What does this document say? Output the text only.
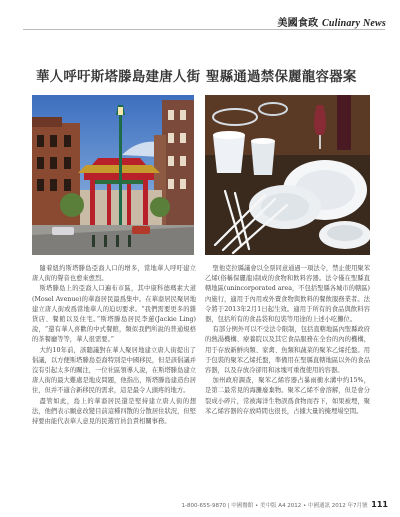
美國食政 Culinary News
華人呼吁斯塔滕島建唐人街 聖縣通過禁保麗龍容器案

隨着紐約斯塔滕島亞裔人口的增多，當地華人呼吁建立唐人街的聲音也愈來愈烈。

斯塔滕島上的亞裔人口遍布市區，其中康科德瑪素大道(Mosel Avenue)的華裔居民最爲集中。在華裔居民聚居地建立唐人街或爲當地華人的迫切要求。“我們需要更多的雜貨店、餐館以及住宅。”斯塔滕島居民李蓮(Jackie Ling)說，“還有華人喜歡的中式餐館，類似我們所說的普通規格的茶餐廳等等，華人很需要。”

大約10年前，該聽議對在華人聚居地建立唐人街提出了倡議，以方便斯塔滕島亞裔特別是中國移民，但是該倡議并沒有引起太多的關注，一位社區領導人說，在斯塔滕島建立唐人街的最大難處是地皮問題，他指出，斯塔滕島建造台居住，但并不適合新移民的需求，這是最令人頭疼的地方。

盡管如此，島上的華裔居民還是堅持建立唐人街的想法，他們表示願意改變目前這種四散的分散居住狀況，但堅持要由能代表華人意見的民選官員負責相關事務。

聖他克拉縣議會以全票同意通過一項法令，禁止使用聚苯乙烯(俗稱保麗龍)制成的食物和飲料容器。法令僅在聖縣直轄地區(unincorporated area，不包括聖縣各城市的轄區)內施行，適用于內用或外賣食物與飲料的餐飲服務業者。法令將于2013年2月1日起生效。適用于所有的食品與飲料容器，包括所有的食品袋和包裝等用途的上述小吃攤位。

有部分例外可以不受法令限制，包括直轄地區內聖縣政府的熱湯機構、療養院以及其它食品服務在全台的內的機構，用于存放新鮮肉類、家禽、魚類和蔬菜的聚苯乙烯托盤。用于包裝的聚苯乙烯托盤，準備用在聖縣直轄地區以外的食品容器，以及存放冷卻用和冰塊可重復使用的容器。

加州政府調查，聚苯乙烯容器占暴雨衝水溝中約15%，是第二最常見的海灘廢棄物。聚苯乙烯不會溶解，但是會分裂成小碎片，常被海洋生物誤爲食物而吞下，如果被埋，聚苯乙烯容器的存放時間也很長，占據大量的掩埋場空間。

1-800-655-9870 | 中國餐館 • 美中版 A4 2012 • 中國通訊 2012 年7月號 111
